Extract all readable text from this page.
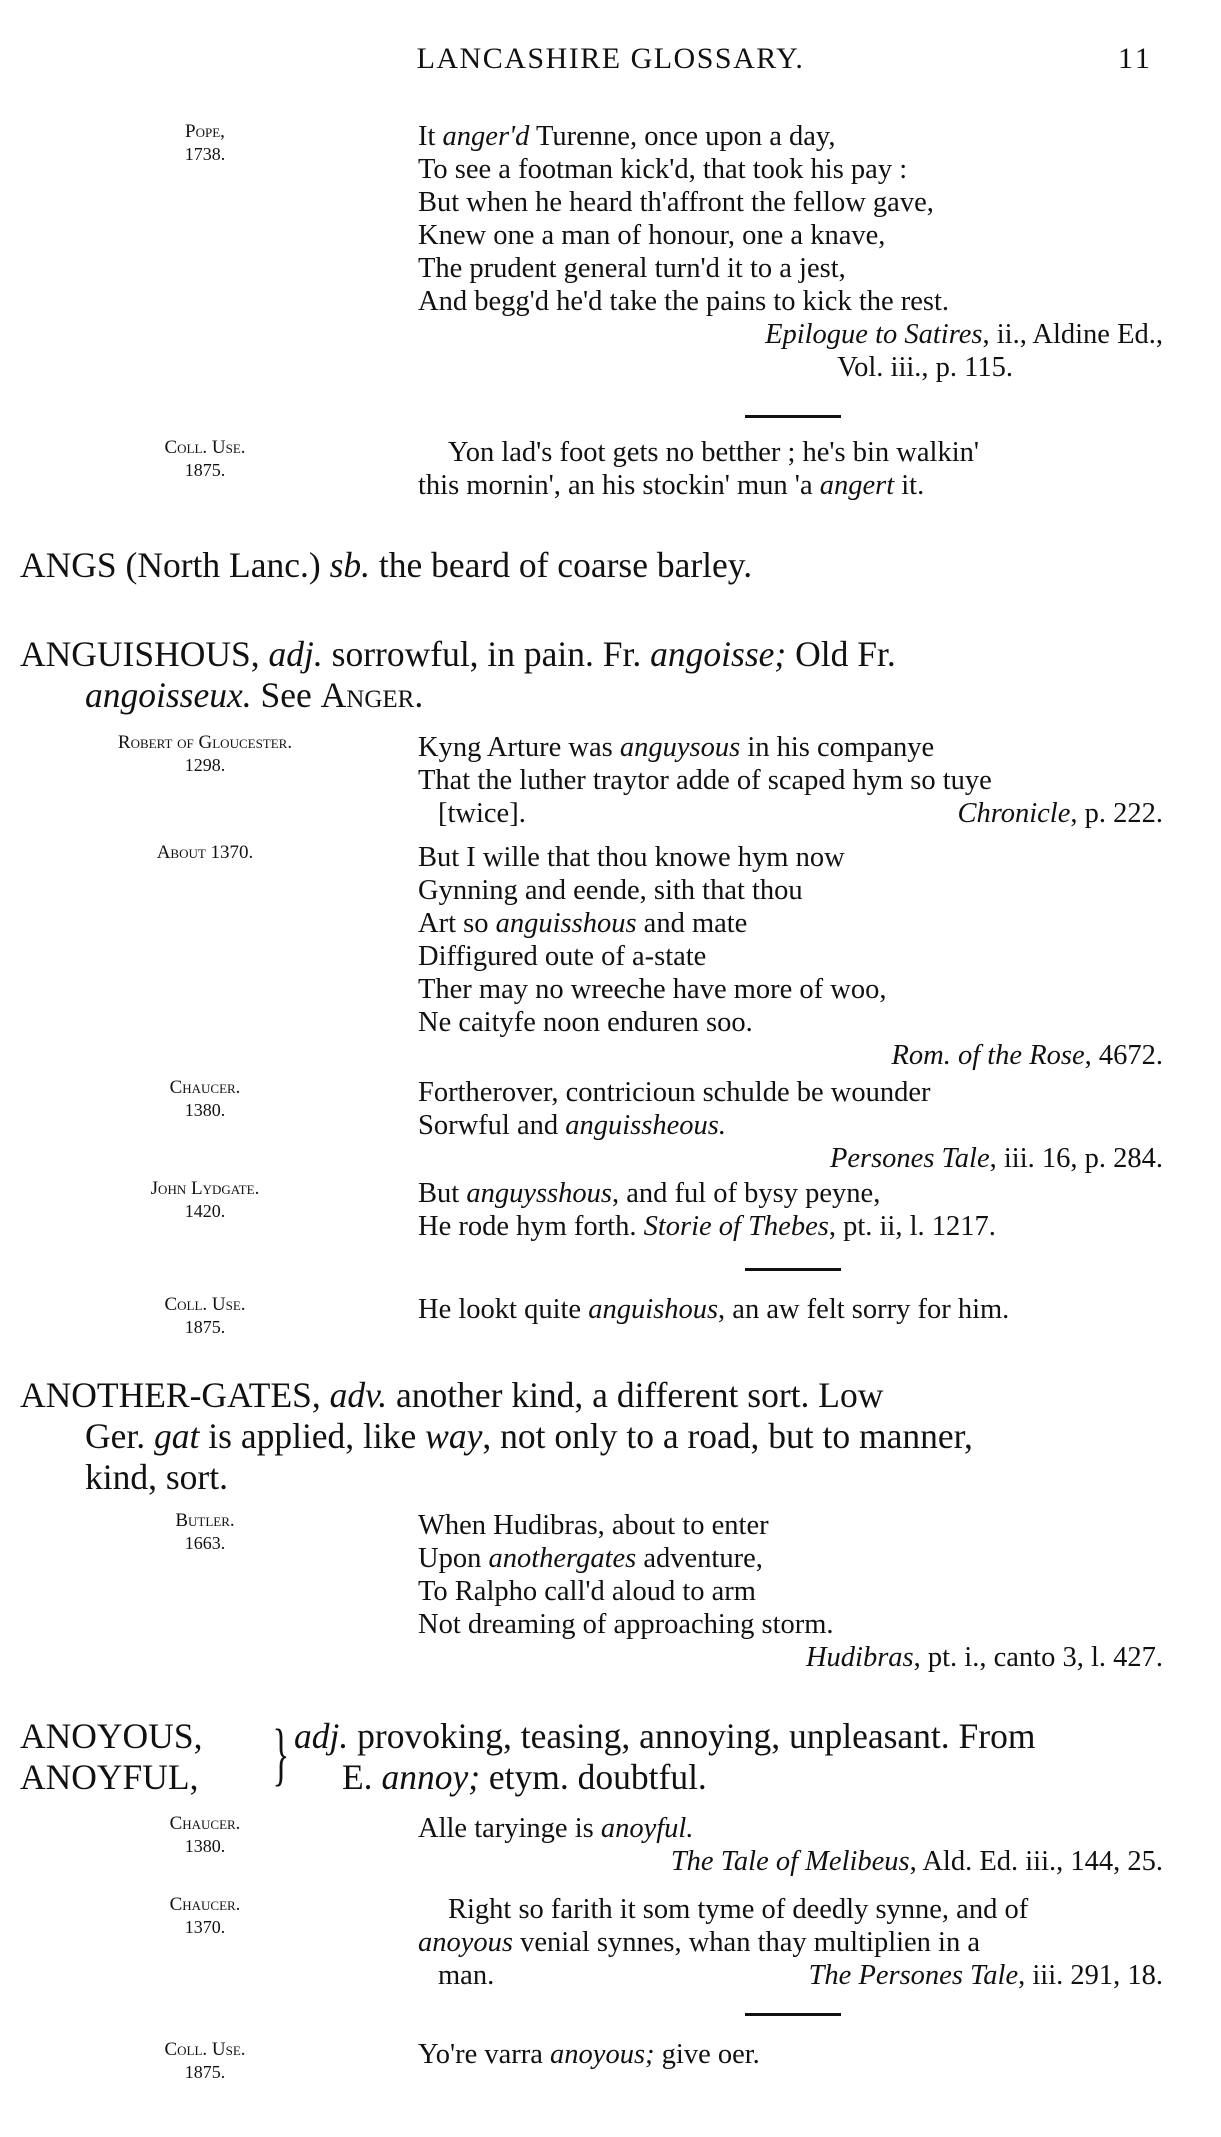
LANCASHIRE GLOSSARY.	11
Pope,
1738.
It anger'd Turenne, once upon a day,
To see a footman kick'd, that took his pay :
But when he heard th'affront the fellow gave,
Knew one a man of honour, one a knave,
The prudent general turn'd it to a jest,
And begg'd he'd take the pains to kick the rest.
Epilogue to Satires, ii., Aldine Ed.,
Vol. iii., p. 115.
Coll. Use.
1875.
Yon lad's foot gets no betther ; he's bin walkin'
this mornin', an his stockin' mun 'a angert it.
ANGS (North Lanc.) sb. the beard of coarse barley.
ANGUISHOUS, adj. sorrowful, in pain. Fr. angoisse; Old Fr.
angoisseux. See Anger.
Robert of Gloucester.
1298.
Kyng Arture was anguysous in his companye
That the luther traytor adde of scaped hym so tuye
[twice].	Chronicle, p. 222.
About 1370.	But I wille that thou knowe hym now
Gynning and eende, sith that thou
Art so anguisshous and mate
Diffigured oute of a-state
Ther may no wreeche have more of woo,
Ne caityfe noon enduren soo.
Rom. of the Rose, 4672.
Chaucer.
1380.
Fortherover, contricioun schulde be wounder
Sorwful and anguissheous.
Persones Tale, iii. 16, p. 284.
John Lydgate.
1420.
But anguysshous, and ful of bysy peyne,
He rode hym forth. Storie of Thebes, pt. ii, l. 1217.
Coll. Use.
1875.
He lookt quite anguishous, an aw felt sorry for him.
ANOTHER-GATES, adv. another kind, a different sort. Low
Ger. gat is applied, like way, not only to a road, but to manner,
kind, sort.
Butler.
1663.
When Hudibras, about to enter
Upon anothergates adventure,
To Ralpho call'd aloud to arm
Not dreaming of approaching storm.
Hudibras, pt. i., canto 3, l. 427.
ANOYOUS,
ANOYFUL,	} adj. provoking, teasing, annoying, unpleasant. From
E. annoy; etym. doubtful.
Chaucer.
1380.
Alle taryinge is anoyful.
The Tale of Melibeus, Ald. Ed. iii., 144, 25.
Chaucer.
1370.
Right so farith it som tyme of deedly synne, and of
anoyous venial synnes, whan thay multiplien in a
man.	The Persones Tale, iii. 291, 18.
Coll. Use.
1875.
Yo're varra anoyous; give oer.
